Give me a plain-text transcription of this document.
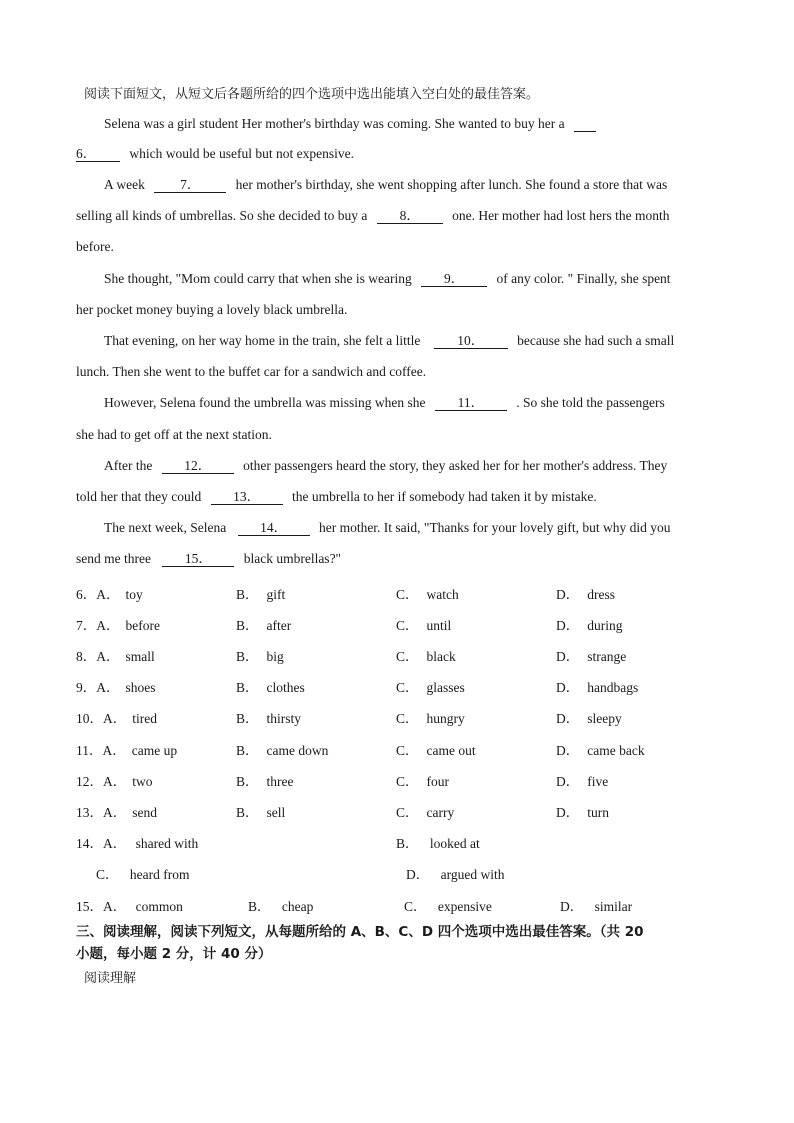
阅读下面短文，从短文后各题所给的四个选项中选出能填入空白处的最佳答案。
Selena was a girl student Her mother's birthday was coming. She wanted to buy her a
6． which would be useful but not expensive.
A week	7．	her mother's birthday, she went shopping after lunch. She found a store that was
selling all kinds of umbrellas. So she decided to buy a 8． one. Her mother had lost hers the month
before.
She thought, "Mom could carry that when she is wearing 9． of any color. " Finally, she spent
her pocket money buying a lovely black umbrella.
That evening, on her way home in the train, she felt a little	10． because she had such a small
lunch. Then she went to the buffet car for a sandwich and coffee.
However, Selena found the umbrella was missing when she 11． . So she told the passengers
she had to get off at the next station.
After the 12． other passengers heard the story, they asked her for her mother's address. They
told her that they could 13． the umbrella to her if somebody had taken it by mistake.
The next week, Selena	14． her mother. It said, "Thanks for your lovely gift, but why did you
send me three	15． black umbrellas?"
6．A． toy	B． gift	C． watch	D． dress
7．A． before	B． after	C． until	D． during
8．A． small	B． big	C． black	D． strange
9．A． shoes	B． clothes	C． glasses	D． handbags
10．A． tired	B． thirsty	C． hungry	D． sleepy
11．A． came up	B． came down	C． came out	D． came back
12．A． two	B． three	C． four	D． five
13．A． send	B． sell	C． carry	D． turn
14．A． shared with	B． looked at
C． heard from	D． argued with
15．A． common	B． cheap	C． expensive	D． similar
三、阅读理解，阅读下列短文，从每题所给的 A、B、C、D 四个选项中选出最佳答案。（共 20
小题，每小题 2 分，计 40 分）
阅读理解
